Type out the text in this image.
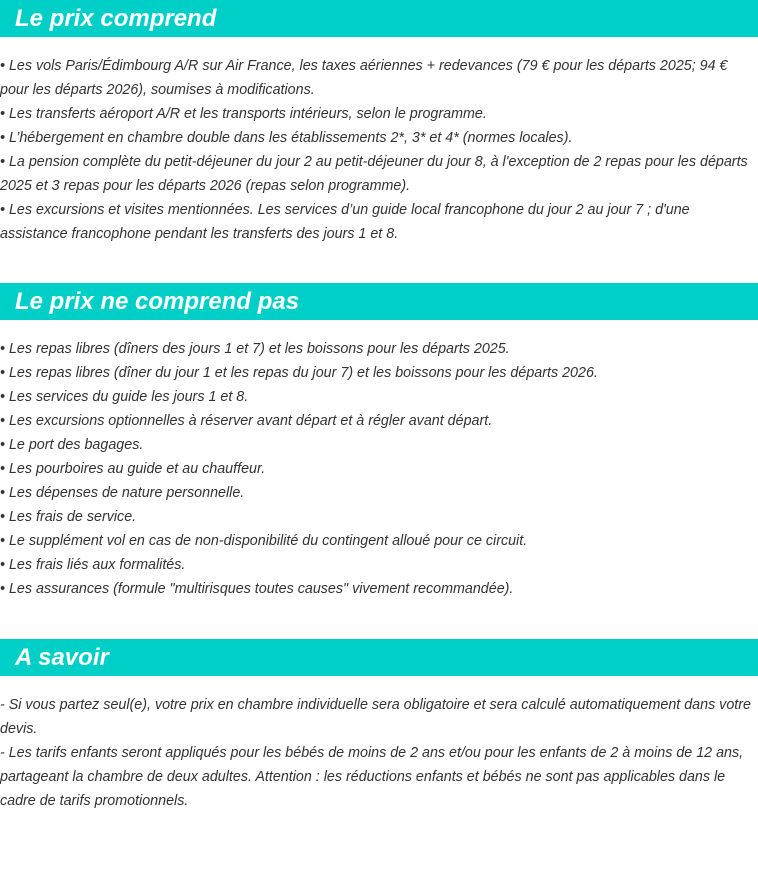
Le prix comprend

• Les vols Paris/Édimbourg A/R sur Air France, les taxes aériennes + redevances (79 € pour les départs 2025; 94 € pour les départs 2026), soumises à modifications.

• Les transferts aéroport A/R et les transports intérieurs, selon le programme.

• L’hébergement en chambre double dans les établissements 2*, 3* et 4* (normes locales).

• La pension complète du petit-déjeuner du jour 2 au petit-déjeuner du jour 8, à l'exception de 2 repas pour les départs 2025 et 3 repas pour les départs 2026 (repas selon programme).

• Les excursions et visites mentionnées. Les services d’un guide local francophone du jour 2 au jour 7 ; d'une assistance francophone pendant les transferts des jours 1 et 8.

Le prix ne comprend pas

• Les repas libres (dîners des jours 1 et 7) et les boissons pour les départs 2025.

• Les repas libres (dîner du jour 1 et les repas du jour 7) et les boissons pour les départs 2026.

• Les services du guide les jours 1 et 8.

• Les excursions optionnelles à réserver avant départ et à régler avant départ.

• Le port des bagages.

• Les pourboires au guide et au chauffeur.

• Les dépenses de nature personnelle.

• Les frais de service.

• Le supplément vol en cas de non-disponibilité du contingent alloué pour ce circuit.

• Les frais liés aux formalités.

• Les assurances (formule "multirisques toutes causes" vivement recommandée).

A savoir

- Si vous partez seul(e), votre prix en chambre individuelle sera obligatoire et sera calculé automatiquement dans votre devis.

- Les tarifs enfants seront appliqués pour les bébés de moins de 2 ans et/ou pour les enfants de 2 à moins de 12 ans, partageant la chambre de deux adultes. Attention : les réductions enfants et bébés ne sont pas applicables dans le cadre de tarifs promotionnels.
